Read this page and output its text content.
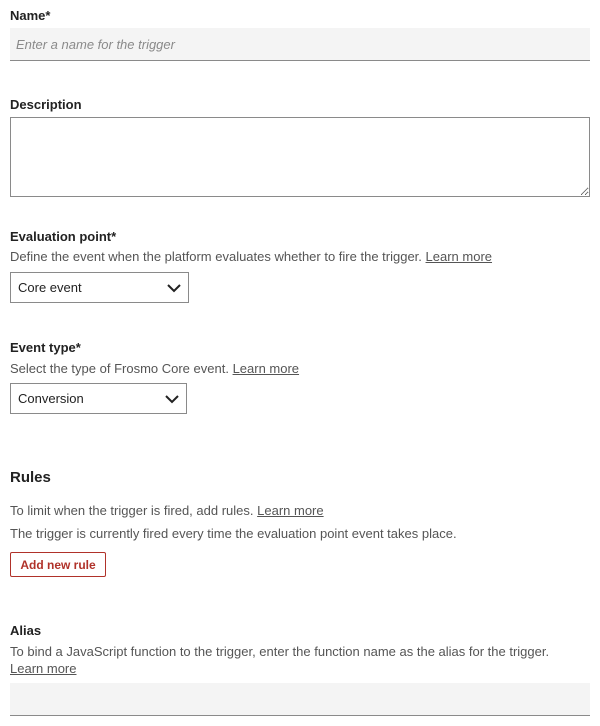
Name*
Enter a name for the trigger
Description
Evaluation point*
Define the event when the platform evaluates whether to fire the trigger. Learn more
Core event
Event type*
Select the type of Frosmo Core event. Learn more
Conversion
Rules
To limit when the trigger is fired, add rules. Learn more
The trigger is currently fired every time the evaluation point event takes place.
Add new rule
Alias
To bind a JavaScript function to the trigger, enter the function name as the alias for the trigger.
Learn more
